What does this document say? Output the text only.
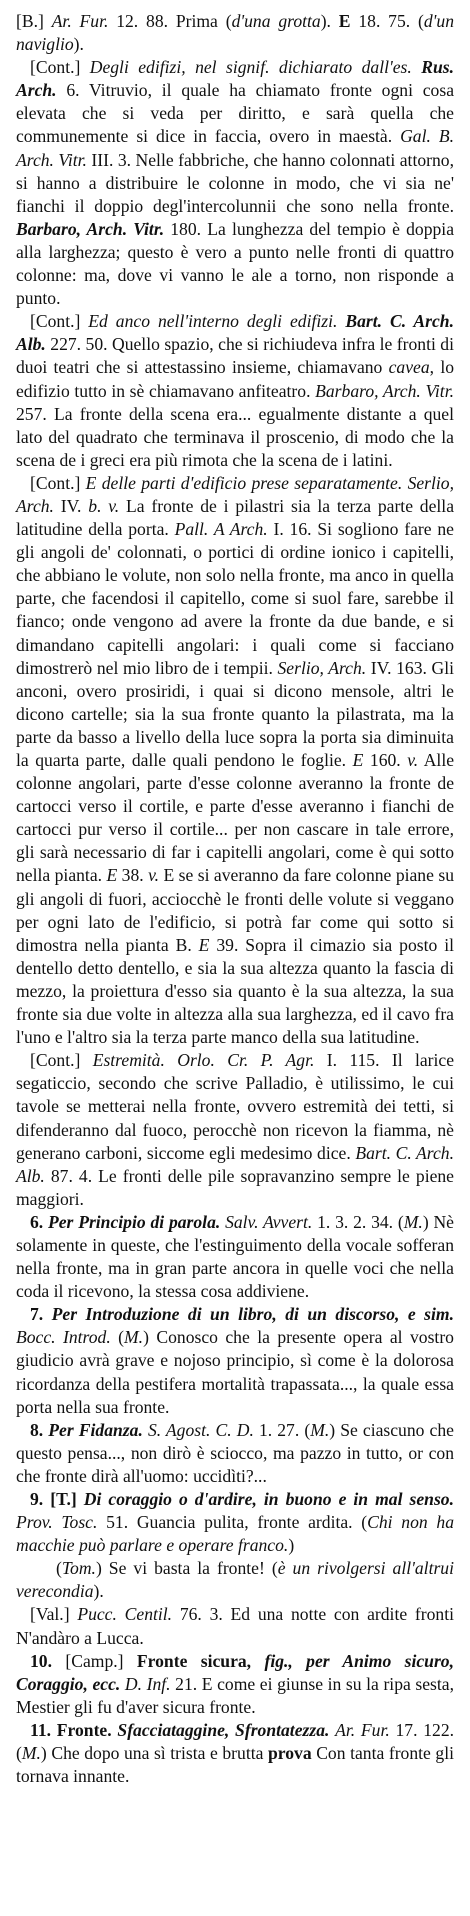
[B.] Ar. Fur. 12. 88. Prima (d'una grotta). E 18. 75. (d'un naviglio).

[Cont.] Degli edifizi, nel signif. dichiarato dall'es. Rus. Arch. 6. Vitruvio, il quale ha chiamato fronte ogni cosa elevata che si veda per diritto, e sarà quella che communemente si dice in faccia, overo in maestà. Gal. B. Arch. Vitr. III. 3. Nelle fabbriche, che hanno colonnati attorno, si hanno a distribuire le colonne in modo, che vi sia ne' fianchi il doppio degl'intercolunnii che sono nella fronte. Barbaro, Arch. Vitr. 180. La lunghezza del tempio è doppia alla larghezza; questo è vero a punto nelle fronti di quattro colonne: ma, dove vi vanno le ale a torno, non risponde a punto.

[Cont.] Ed anco nell'interno degli edifizi. Bart. C. Arch. Alb. 227. 50. Quello spazio, che si richiudeva infra le fronti di duoi teatri che si attestassino insieme, chiamavano cavea, lo edifizio tutto in sè chiamavano anfiteatro. Barbaro, Arch. Vitr. 257. La fronte della scena era... egualmente distante a quel lato del quadrato che terminava il proscenio, di modo che la scena de i greci era più rimota che la scena de i latini.

[Cont.] E delle parti d'edificio prese separatamente. Serlio, Arch. IV. b. v. La fronte de i pilastri sia la terza parte della latitudine della porta. Pall. A Arch. I. 16. Si sogliono fare ne gli angoli de' colonnati, o portici di ordine ionico i capitelli, che abbiano le volute, non solo nella fronte, ma anco in quella parte, che facendosi il capitello, come si suol fare, sarebbe il fianco; onde vengono ad avere la fronte da due bande, e si dimandano capitelli angolari: i quali come si facciano dimostrerò nel mio libro de i tempii. Serlio, Arch. IV. 163. Gli anconi, overo prosiridi, i quai si dicono mensole, altri le dicono cartelle; sia la sua fronte quanto la pilastrata, ma la parte da basso a livello della luce sopra la porta sia diminuita la quarta parte, dalle quali pendono le foglie. E 160. v. Alle colonne angolari, parte d'esse colonne averanno la fronte de cartocci verso il cortile, e parte d'esse averanno i fianchi de cartocci pur verso il cortile... per non cascare in tale errore, gli sarà necessario di far i capitelli angolari, come è qui sotto nella pianta. E 38. v. E se si averanno da fare colonne piane su gli angoli di fuori, acciocchè le fronti delle volute si veggano per ogni lato de l'edificio, si potrà far come qui sotto si dimostra nella pianta B. E 39. Sopra il cimazio sia posto il dentello detto dentello, e sia la sua altezza quanto la fascia di mezzo, la proiettura d'esso sia quanto è la sua altezza, la sua fronte sia due volte in altezza alla sua larghezza, ed il cavo fra l'uno e l'altro sia la terza parte manco della sua latitudine.

[Cont.] Estremità. Orlo. Cr. P. Agr. I. 115. Il larice segaticcio, secondo che scrive Palladio, è utilissimo, le cui tavole se metterai nella fronte, ovvero estremità dei tetti, si difenderanno dal fuoco, perocchè non ricevon la fiamma, nè generano carboni, siccome egli medesimo dice. Bart. C. Arch. Alb. 87. 4. Le fronti delle pile sopravanzino sempre le piene maggiori.

6. Per Principio di parola. Salv. Avvert. 1. 3. 2. 34. (M.) Nè solamente in queste, che l'estinguimento della vocale sofferan nella fronte, ma in gran parte ancora in quelle voci che nella coda il ricevono, la stessa cosa addiviene.

7. Per Introduzione di un libro, di un discorso, e sim. Bocc. Introd. (M.) Conosco che la presente opera al vostro giudicio avrà grave e nojoso principio, sì come è la dolorosa ricordanza della pestifera mortalità trapassata..., la quale essa porta nella sua fronte.

8. Per Fidanza. S. Agost. C. D. 1. 27. (M.) Se ciascuno che questo pensa..., non dirò è sciocco, ma pazzo in tutto, or con che fronte dirà all'uomo: uccidìti?...

9. [T.] Di coraggio o d'ardire, in buono e in mal senso. Prov. Tosc. 51. Guancia pulita, fronte ardita. (Chi non ha macchie può parlare e operare franco.)

(Tom.) Se vi basta la fronte! (è un rivolgersi all'altrui verecondia).

[Val.] Pucc. Centil. 76. 3. Ed una notte con ardite fronti N'andàro a Lucca.

10. [Camp.] Fronte sicura, fig., per Animo sicuro, Coraggio, ecc. D. Inf. 21. E come ei giunse in su la ripa sesta, Mestier gli fu d'aver sicura fronte.

11. Fronte. Sfacciataggine, Sfrontatezza. Ar. Fur. 17. 122. (M.) Che dopo una sì trista e brutta prova Con tanta fronte gli tornava innante.
